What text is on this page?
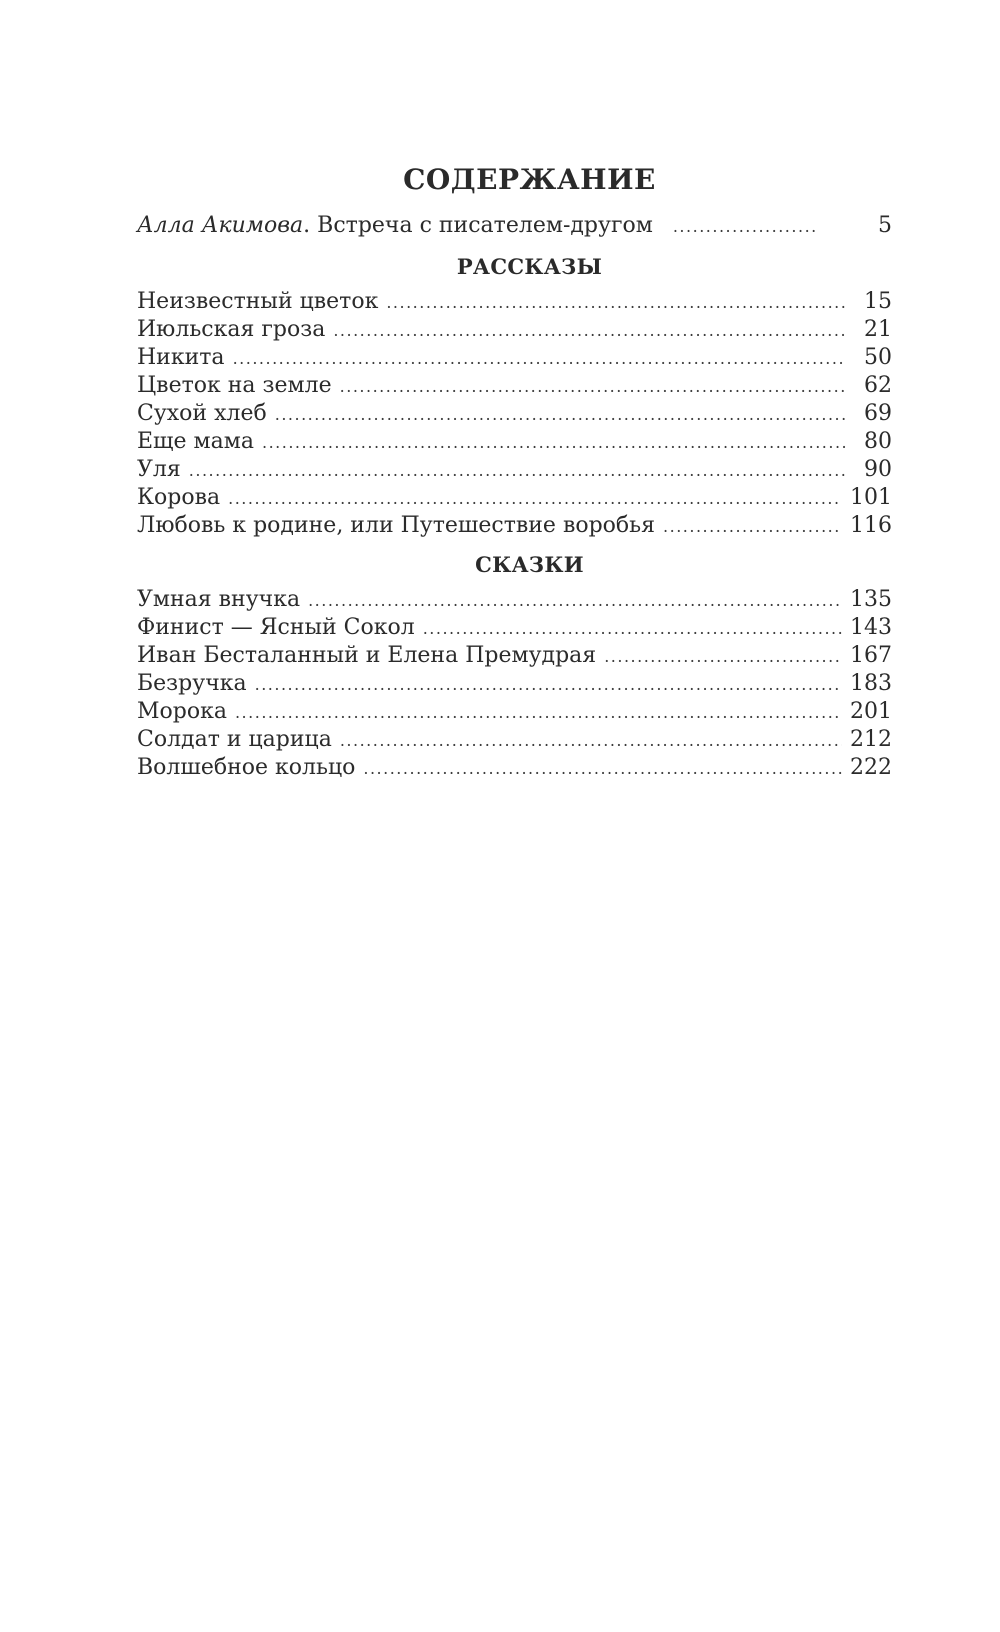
СОДЕРЖАНИЕ
Алла Акимова. Встреча с писателем-другом .....	5
РАССКАЗЫ
Неизвестный цветок .....	15
Июльская гроза .....	21
Никита .....	50
Цветок на земле .....	62
Сухой хлеб .....	69
Еще мама .....	80
Уля .....	90
Корова .....	101
Любовь к родине, или Путешествие воробья .....	116
СКАЗКИ
Умная внучка .....	135
Финист — Ясный Сокол .....	143
Иван Бесталанный и Елена Премудрая .....	167
Безручка .....	183
Морока .....	201
Солдат и царица .....	212
Волшебное кольцо .....	222
